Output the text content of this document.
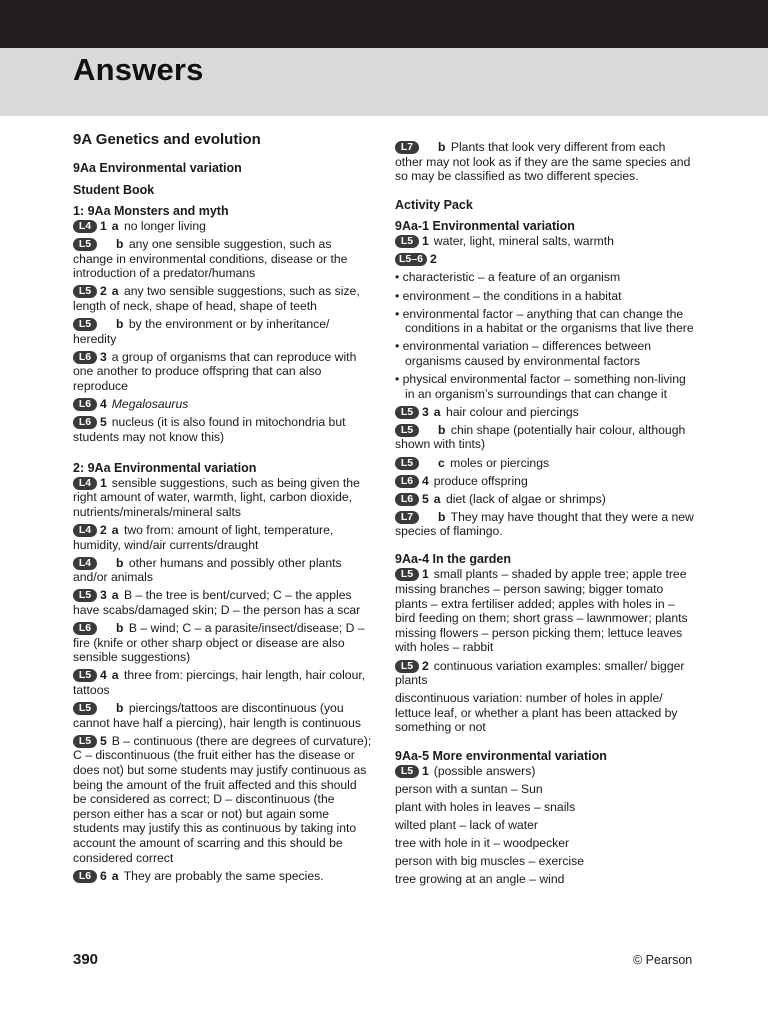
Answers
9A Genetics and evolution
9Aa Environmental variation
Student Book
1: 9Aa Monsters and myth
L4 1 a no longer living
L5 b any one sensible suggestion, such as change in environmental conditions, disease or the introduction of a predator/humans
L5 2 a any two sensible suggestions, such as size, length of neck, shape of head, shape of teeth
L5 b by the environment or by inheritance/ heredity
L6 3 a group of organisms that can reproduce with one another to produce offspring that can also reproduce
L6 4 Megalosaurus
L6 5 nucleus (it is also found in mitochondria but students may not know this)
2: 9Aa Environmental variation
L4 1 sensible suggestions, such as being given the right amount of water, warmth, light, carbon dioxide, nutrients/minerals/mineral salts
L4 2 a two from: amount of light, temperature, humidity, wind/air currents/draught
L4 b other humans and possibly other plants and/or animals
L5 3 a B – the tree is bent/curved; C – the apples have scabs/damaged skin; D – the person has a scar
L6 b B – wind; C – a parasite/insect/disease; D – fire (knife or other sharp object or disease are also sensible suggestions)
L5 4 a three from: piercings, hair length, hair colour, tattoos
L5 b piercings/tattoos are discontinuous (you cannot have half a piercing), hair length is continuous
L5 5 B – continuous (there are degrees of curvature); C – discontinuous (the fruit either has the disease or does not) but some students may justify continuous as being the amount of the fruit affected and this should be considered as correct; D – discontinuous (the person either has a scar or not) but again some students may justify this as continuous by taking into account the amount of scarring and this should be considered correct
L6 6 a They are probably the same species.
L7 b Plants that look very different from each other may not look as if they are the same species and so may be classified as two different species.
Activity Pack
9Aa-1 Environmental variation
L5 1 water, light, mineral salts, warmth
L5–6 2
• characteristic – a feature of an organism
• environment – the conditions in a habitat
• environmental factor – anything that can change the conditions in a habitat or the organisms that live there
• environmental variation – differences between organisms caused by environmental factors
• physical environmental factor – something non-living in an organism’s surroundings that can change it
L5 3 a hair colour and piercings
L5 b chin shape (potentially hair colour, although shown with tints)
L5 c moles or piercings
L6 4 produce offspring
L6 5 a diet (lack of algae or shrimps)
L7 b They may have thought that they were a new species of flamingo.
9Aa-4 In the garden
L5 1 small plants – shaded by apple tree; apple tree missing branches – person sawing; bigger tomato plants – extra fertiliser added; apples with holes in – bird feeding on them; short grass – lawnmower; plants missing flowers – person picking them; lettuce leaves with holes – rabbit
L5 2 continuous variation examples: smaller/ bigger plants
discontinuous variation: number of holes in apple/ lettuce leaf, or whether a plant has been attacked by something or not
9Aa-5 More environmental variation
L5 1 (possible answers)
person with a suntan – Sun
plant with holes in leaves – snails
wilted plant – lack of water
tree with hole in it – woodpecker
person with big muscles – exercise
tree growing at an angle – wind
390	© Pearson
